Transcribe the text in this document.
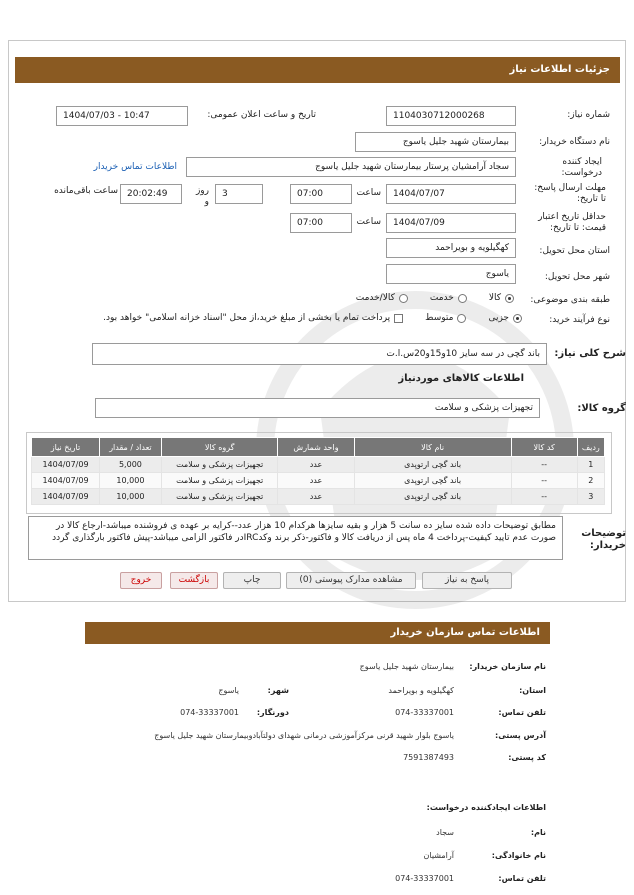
جزئیات اطلاعات نیاز
شماره نیاز:
1104030712000268
تاریخ و ساعت اعلان عمومی:
1404/07/03 - 10:47
نام دستگاه خریدار:
بیمارستان شهید جلیل یاسوج
ایجاد کننده درخواست:
سجاد آرامشیان پرستار بیمارستان شهید جلیل یاسوج
اطلاعات تماس خریدار
مهلت ارسال پاسخ: تا تاریخ:
1404/07/07
ساعت
07:00
3
روز و
20:02:49
ساعت باقی‌مانده
حداقل تاریخ اعتبار قیمت: تا تاریخ:
1404/07/09
ساعت
07:00
استان محل تحویل:
کهگیلویه و بویراحمد
شهر محل تحویل:
یاسوج
طبقه بندی موضوعی:
کالا
خدمت
کالا/خدمت
نوع فرآیند خرید:
جزیی
متوسط
پرداخت تمام یا بخشی از مبلغ خرید،از محل "اسناد خزانه اسلامی" خواهد بود.
شرح کلی نیاز:
باند گچی در سه سایز 10و15و20س.ا.ت
اطلاعات کالاهای موردنیاز
گروه کالا:
تجهیزات پزشکی و سلامت
ردیف	کد کالا	نام کالا	واحد شمارش	گروه کالا	تعداد / مقدار	تاریخ نیاز
1	--	باند گچی ارتوپدی	عدد	تجهیزات پزشکی و سلامت	5,000	1404/07/09
2	--	باند گچی ارتوپدی	عدد	تجهیزات پزشکی و سلامت	10,000	1404/07/09
3	--	باند گچی ارتوپدی	عدد	تجهیزات پزشکی و سلامت	10,000	1404/07/09
توضیحات خریدار:
مطابق توضیحات داده شده سایز ده سانت 5 هزار و بقیه سایزها هرکدام 10 هزار عدد--کرایه بر عهده ی فروشنده میباشد-ارجاع کالا در صورت عدم تایید کیفیت-پرداخت 4 ماه پس از دریافت کالا و فاکتور-ذکر برند وکدIRCدر فاکتور الزامی میباشد-پیش فاکتور بارگذاری گردد
پاسخ به نیاز
مشاهده مدارک پیوستی (0)
چاپ
بازگشت
خروج
اطلاعات تماس سازمان خریدار
نام سازمان خریدار:
بیمارستان شهید جلیل یاسوج
استان:
کهگیلویه و بویراحمد
شهر:
یاسوج
تلفن تماس:
074-33337001
دورنگار:
074-33337001
آدرس پستی:
یاسوج بلوار شهید قرنی مرکزآموزشی درمانی شهدای دولتآبادوبیمارستان شهید جلیل یاسوج
کد پستی:
7591387493
اطلاعات ایجادکننده درخواست:
نام:
سجاد
نام خانوادگی:
آرامشیان
تلفن تماس:
074-33337001
